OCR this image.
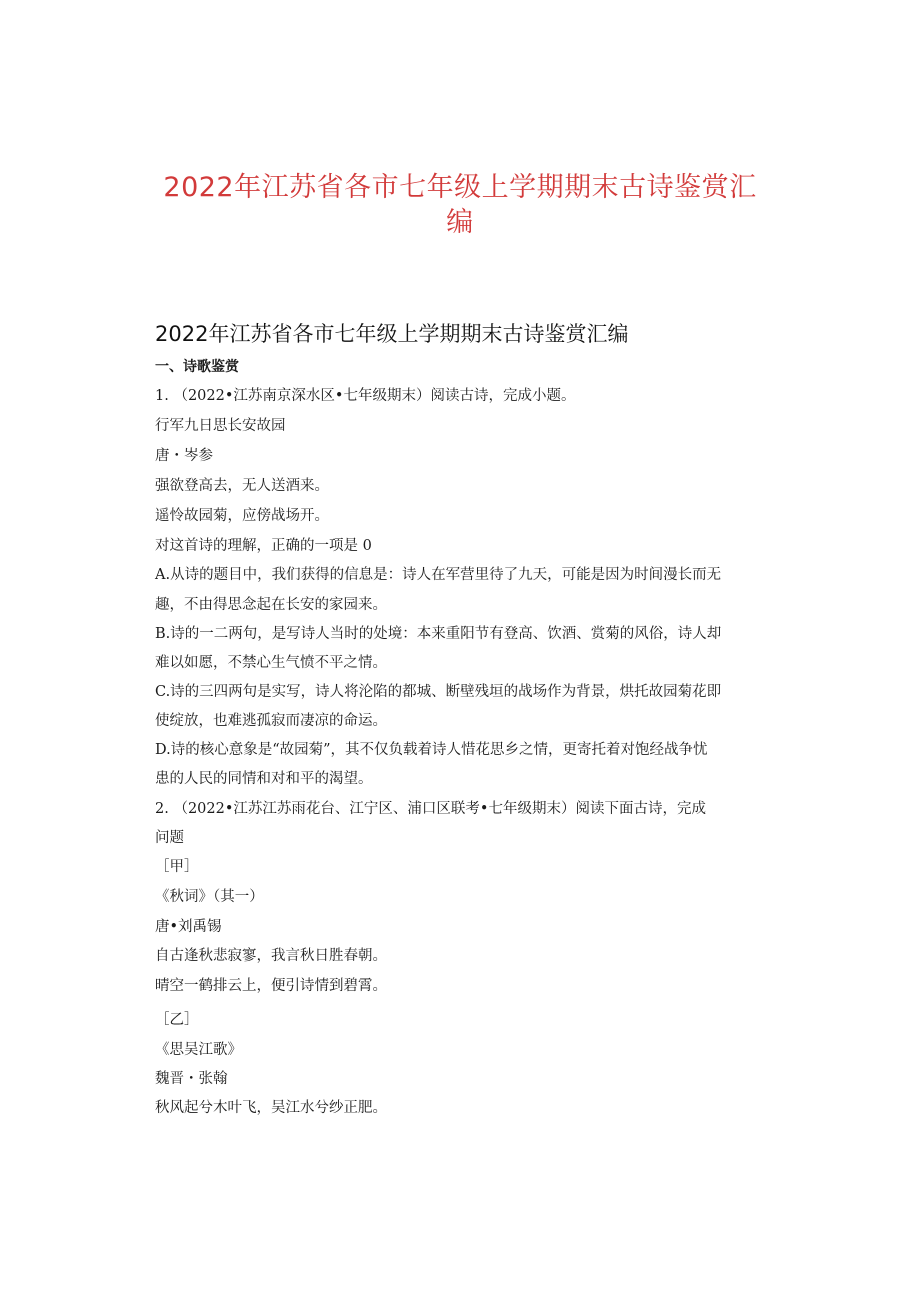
2022年江苏省各市七年级上学期期末古诗鉴赏汇
编
2022年江苏省各市七年级上学期期末古诗鉴赏汇编
一、诗歌鉴赏
1. （2022•江苏南京深水区•七年级期末）阅读古诗，完成小题。
行军九日思长安故园
唐・岑参
强欲登高去，无人送酒来。
遥怜故园菊，应傍战场开。
对这首诗的理解，正确的一项是 0
A.从诗的题目中，我们获得的信息是：诗人在军营里待了九天，可能是因为时间漫长而无
趣，不由得思念起在长安的家园来。
B.诗的一二两句，是写诗人当时的处境：本来重阳节有登高、饮酒、赏菊的风俗，诗人却
难以如愿，不禁心生气愤不平之情。
C.诗的三四两句是实写，诗人将沦陷的都城、断壁残垣的战场作为背景，烘托故园菊花即
使绽放，也难逃孤寂而凄凉的命运。
D.诗的核心意象是“故园菊”，其不仅负载着诗人惜花思乡之情，更寄托着对饱经战争忧
患的人民的同情和对和平的渴望。
2. （2022•江苏江苏雨花台、江宁区、浦口区联考•七年级期末）阅读下面古诗，完成
问题
［甲］
《秋词》（其一）
唐•刘禹锡
自古逢秋悲寂寥，我言秋日胜春朝。
晴空一鹤排云上，便引诗情到碧霄。
［乙］
《思吴江歌》
魏晋・张翰
秋风起兮木叶飞，吴江水兮纱正肥。
